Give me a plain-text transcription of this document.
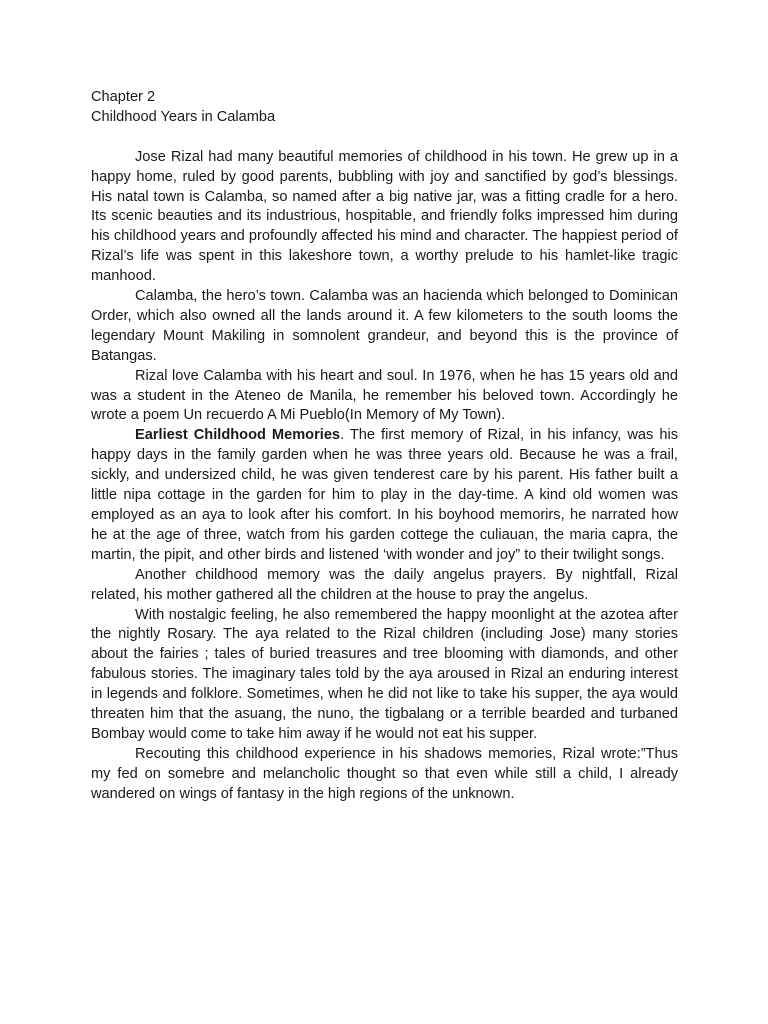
Chapter 2
Childhood Years in Calamba

Jose Rizal had many beautiful memories of childhood in his town. He grew up in a happy home, ruled by good parents, bubbling with joy and sanctified by god’s blessings. His natal town is Calamba, so named after a big native jar, was a fitting cradle for a hero. Its scenic beauties and its industrious, hospitable, and friendly folks impressed him during his childhood years and profoundly affected his mind and character. The happiest period of Rizal’s life was spent in this lakeshore town, a worthy prelude to his hamlet-like tragic manhood.

Calamba, the hero’s town. Calamba was an hacienda which belonged to Dominican Order, which also owned all the lands around it. A few kilometers to the south looms the legendary Mount Makiling in somnolent grandeur, and beyond this is the province of Batangas.

Rizal love Calamba with his heart and soul. In 1976, when he has 15 years old and was a student in the Ateneo de Manila, he remember his beloved town. Accordingly he wrote a poem Un recuerdo A Mi Pueblo(In Memory of My Town).

Earliest Childhood Memories. The first memory of Rizal, in his infancy, was his happy days in the family garden when he was three years old. Because he was a frail, sickly, and undersized child, he was given tenderest care by his parent. His father built a little nipa cottage in the garden for him to play in the day-time. A kind old women was employed as an aya to look after his comfort. In his boyhood memorirs, he narrated how he at the age of three, watch from his garden cottege the culiauan, the maria capra, the martin, the pipit, and other birds and listened ‘with wonder and joy” to their twilight songs.

Another childhood memory was the daily angelus prayers. By nightfall, Rizal related, his mother gathered all the children at the house to pray the angelus.

With nostalgic feeling, he also remembered the happy moonlight at the azotea after the nightly Rosary. The aya related to the Rizal children (including Jose) many stories about the fairies ; tales of buried treasures and tree blooming with diamonds, and other fabulous stories. The imaginary tales told by the aya aroused in Rizal an enduring interest in legends and folklore. Sometimes, when he did not like to take his supper, the aya would threaten him that the asuang, the nuno, the tigbalang or a terrible bearded and turbaned Bombay would come to take him away if he would not eat his supper.

Recouting this childhood experience in his shadows memories, Rizal wrote:”Thus my fed on somebre and melancholic thought so that even while still a child, I already wandered on wings of fantasy in the high regions of the unknown.
